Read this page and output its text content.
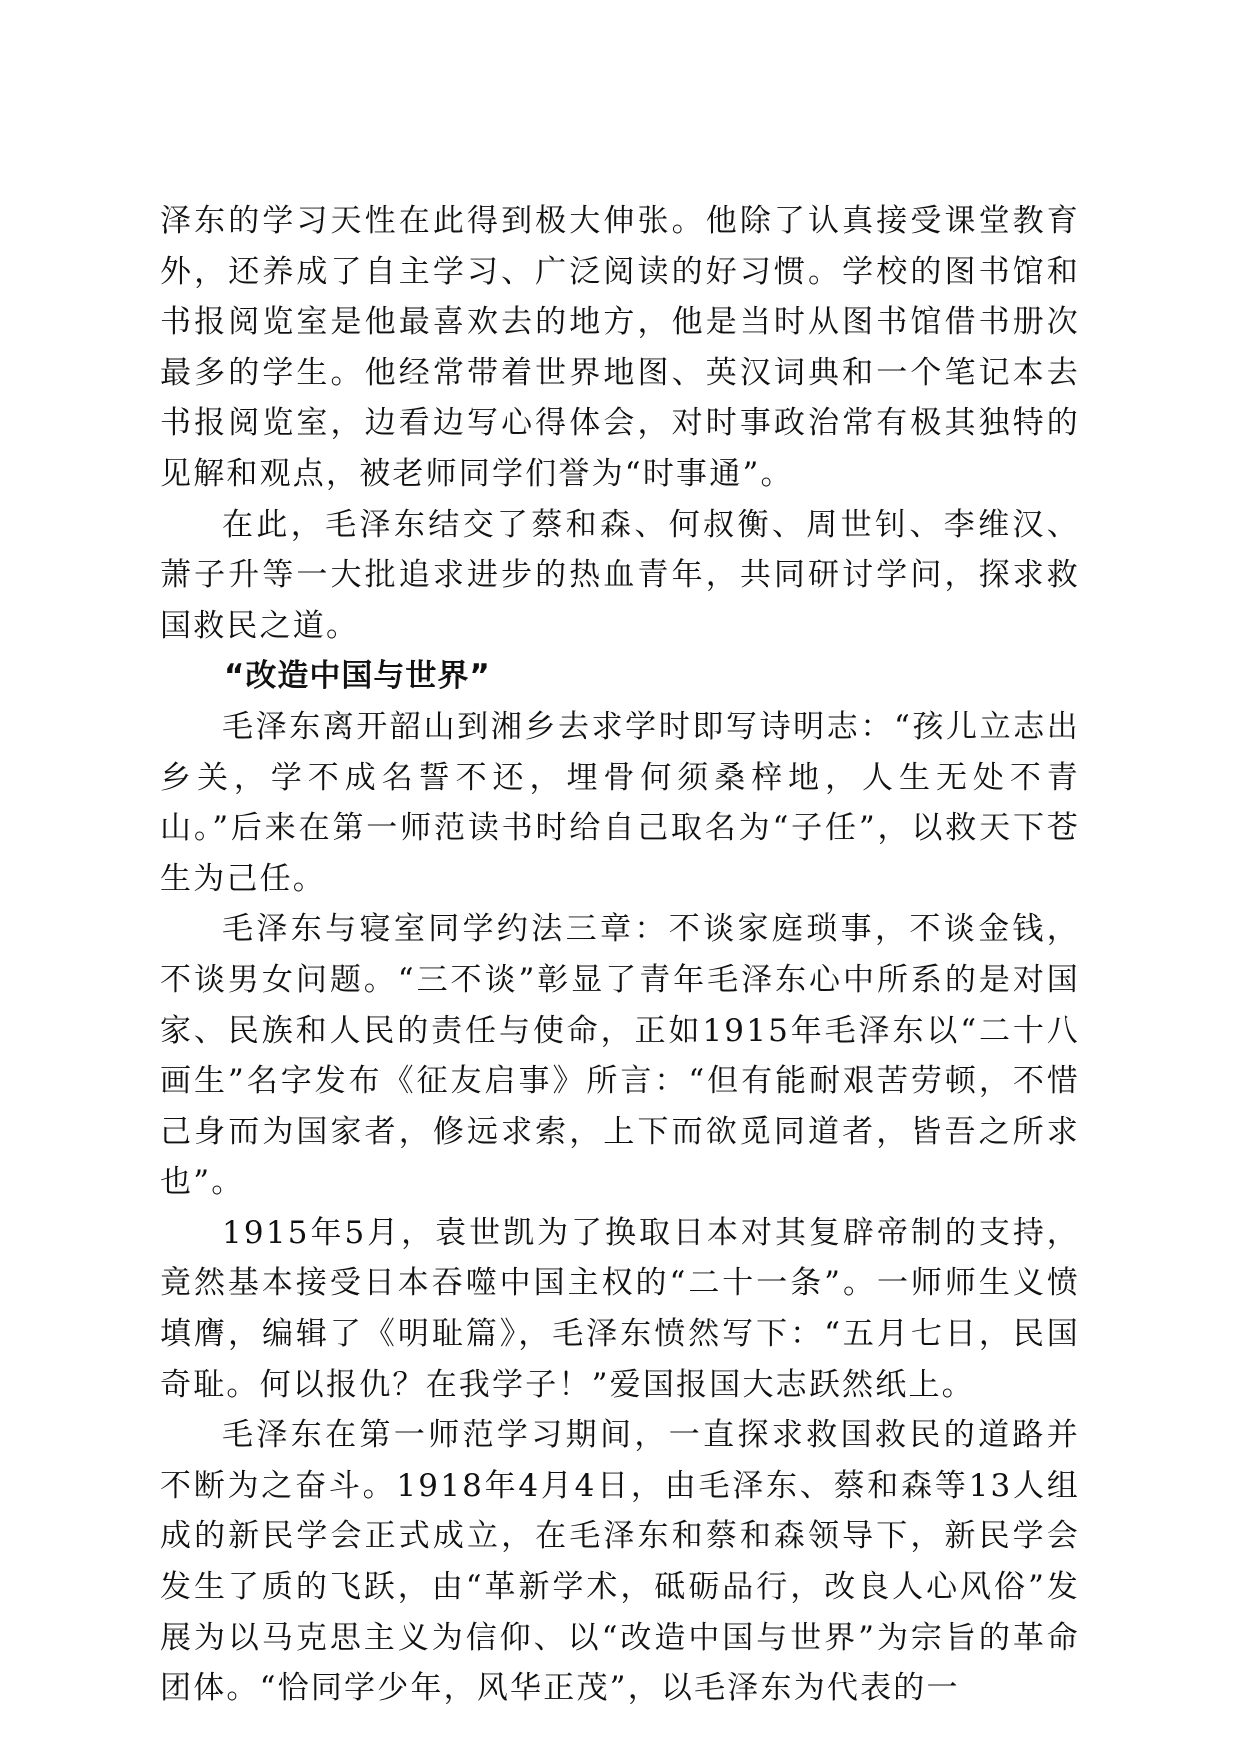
泽东的学习天性在此得到极大伸张。他除了认真接受课堂教育外，还养成了自主学习、广泛阅读的好习惯。学校的图书馆和书报阅览室是他最喜欢去的地方，他是当时从图书馆借书册次最多的学生。他经常带着世界地图、英汉词典和一个笔记本去书报阅览室，边看边写心得体会，对时事政治常有极其独特的见解和观点，被老师同学们誉为“时事通”。

在此，毛泽东结交了蔡和森、何叔衡、周世钊、李维汉、萧子升等一大批追求进步的热血青年，共同研讨学问，探求救国救民之道。

“改造中国与世界”

毛泽东离开韶山到湘乡去求学时即写诗明志：“孩儿立志出乡关，学不成名誓不还，埋骨何须桑梓地，人生无处不青山。”后来在第一师范读书时给自己取名为“子任”，以救天下苍生为己任。

毛泽东与寝室同学约法三章：不谈家庭琐事，不谈金钱，不谈男女问题。“三不谈”彰显了青年毛泽东心中所系的是对国家、民族和人民的责任与使命，正如1915年毛泽东以“二十八画生”名字发布《征友启事》所言：“但有能耐艰苦劳顿，不惜己身而为国家者，修远求索，上下而欲觅同道者，皆吾之所求也”。

1915年5月，袁世凯为了换取日本对其复辟帝制的支持，竟然基本接受日本吞噬中国主权的“二十一条”。一师师生义愤填膺，编辑了《明耻篇》，毛泽东愤然写下：“五月七日，民国奇耻。何以报仇？在我学子！”爱国报国大志跃然纸上。

毛泽东在第一师范学习期间，一直探求救国救民的道路并不断为之奋斗。1918年4月4日，由毛泽东、蔡和森等13人组成的新民学会正式成立，在毛泽东和蔡和森领导下，新民学会发生了质的飞跃，由“革新学术，砥砺品行，改良人心风俗”发展为以马克思主义为信仰、以“改造中国与世界”为宗旨的革命团体。“恰同学少年，风华正茂”，以毛泽东为代表的一
